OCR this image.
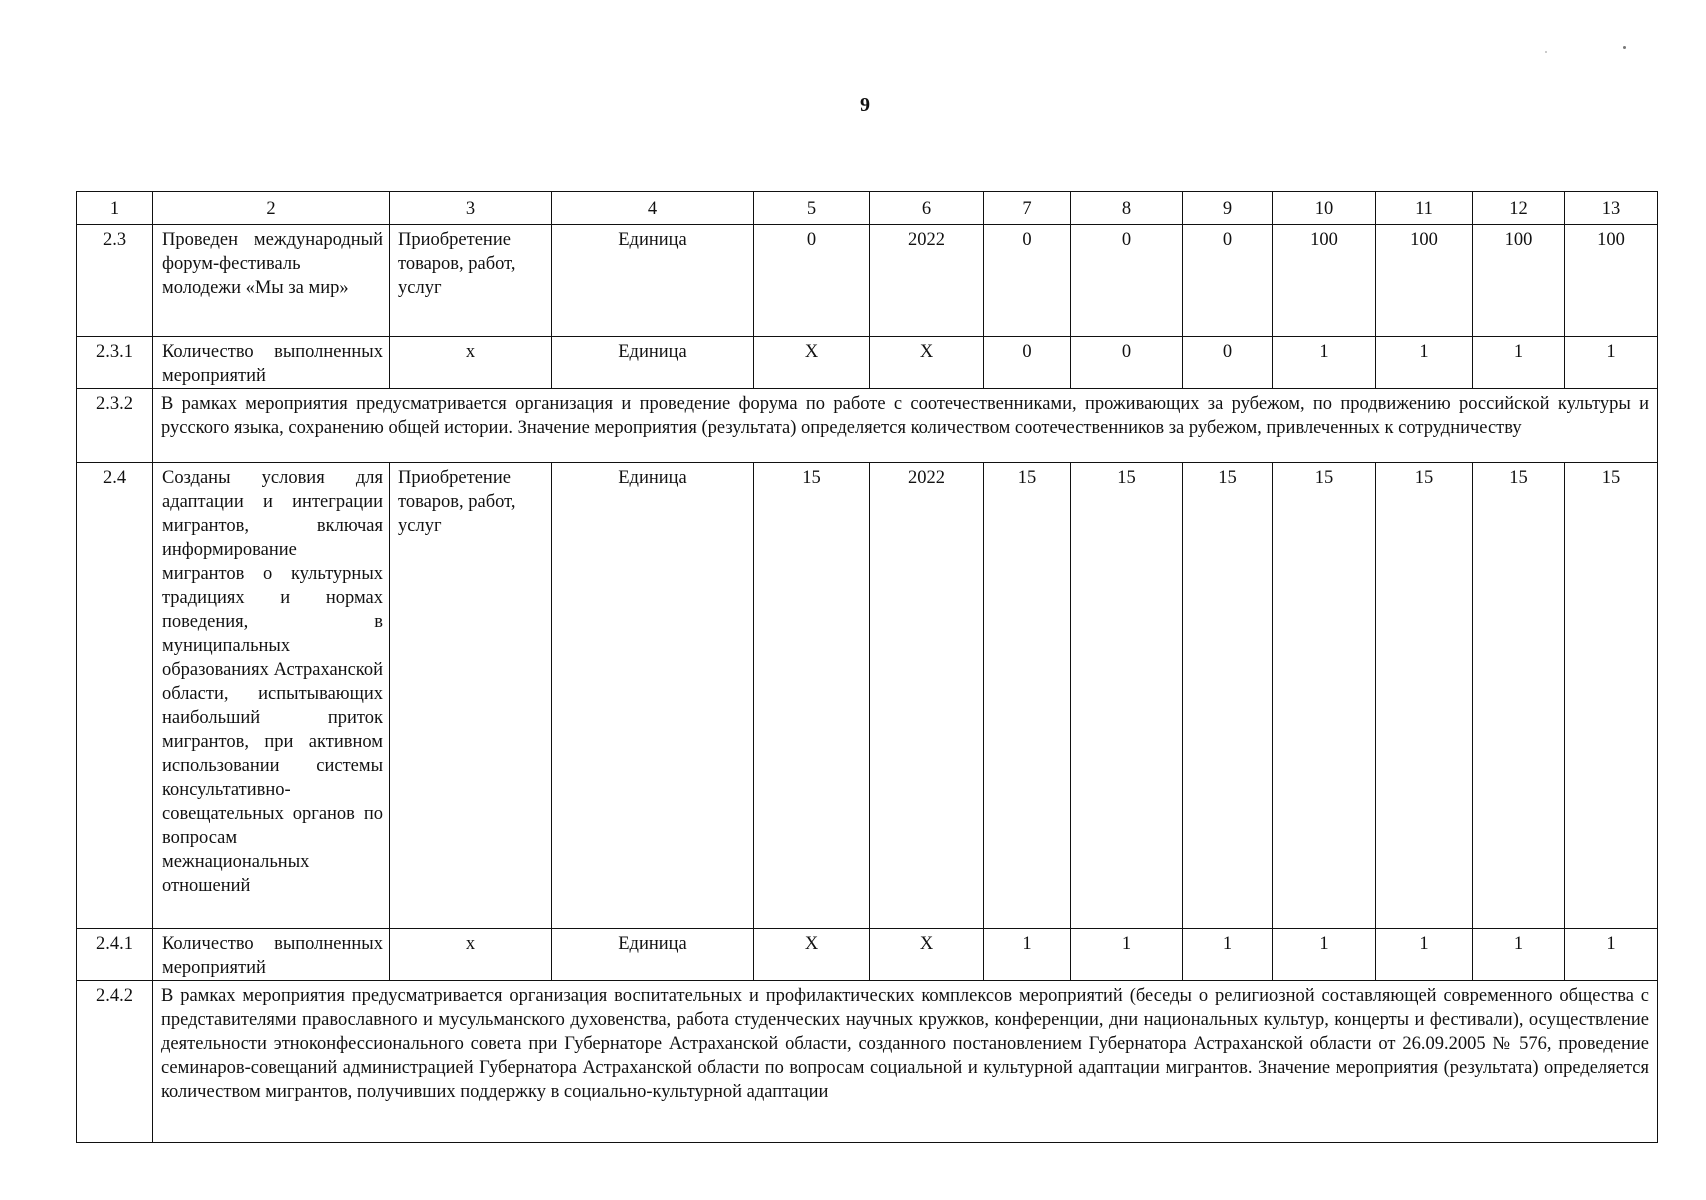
9
1	2	3	4	5	6	7	8	9	10	11	12	13
2.3	Проведен международный форум-фестиваль молодежи «Мы за мир»	Приобретение товаров, работ, услуг	Единица	0	2022	0	0	0	100	100	100	100
2.3.1	Количество выполненных мероприятий	х	Единица	X	X	0	0	0	1	1	1	1
2.3.2	В рамках мероприятия предусматривается организация и проведение форума по работе с соотечественниками, проживающих за рубежом, по продвижению российской культуры и русского языка, сохранению общей истории. Значение мероприятия (результата) определяется количеством соотечественников за рубежом, привлеченных к сотрудничеству											
2.4	Созданы условия для адаптации и интеграции мигрантов, включая информирование мигрантов о культурных традициях и нормах поведения, в муниципальных образованиях Астраханской области, испытывающих наибольший приток мигрантов, при активном использовании системы консультативно-совещательных органов по вопросам межнациональных отношений	Приобретение товаров, работ, услуг	Единица	15	2022	15	15	15	15	15	15	15
2.4.1	Количество выполненных мероприятий	х	Единица	X	X	1	1	1	1	1	1	1
2.4.2	В рамках мероприятия предусматривается организация воспитательных и профилактических комплексов мероприятий (беседы о религиозной составляющей современного общества с представителями православного и мусульманского духовенства, работа студенческих научных кружков, конференции, дни национальных культур, концерты и фестивали), осуществление деятельности этноконфессионального совета при Губернаторе Астраханской области, созданного постановлением Губернатора Астраханской области от 26.09.2005 № 576, проведение семинаров-совещаний администрацией Губернатора Астраханской области по вопросам социальной и культурной адаптации мигрантов. Значение мероприятия (результата) определяется количеством мигрантов, получивших поддержку в социально-культурной адаптации											
